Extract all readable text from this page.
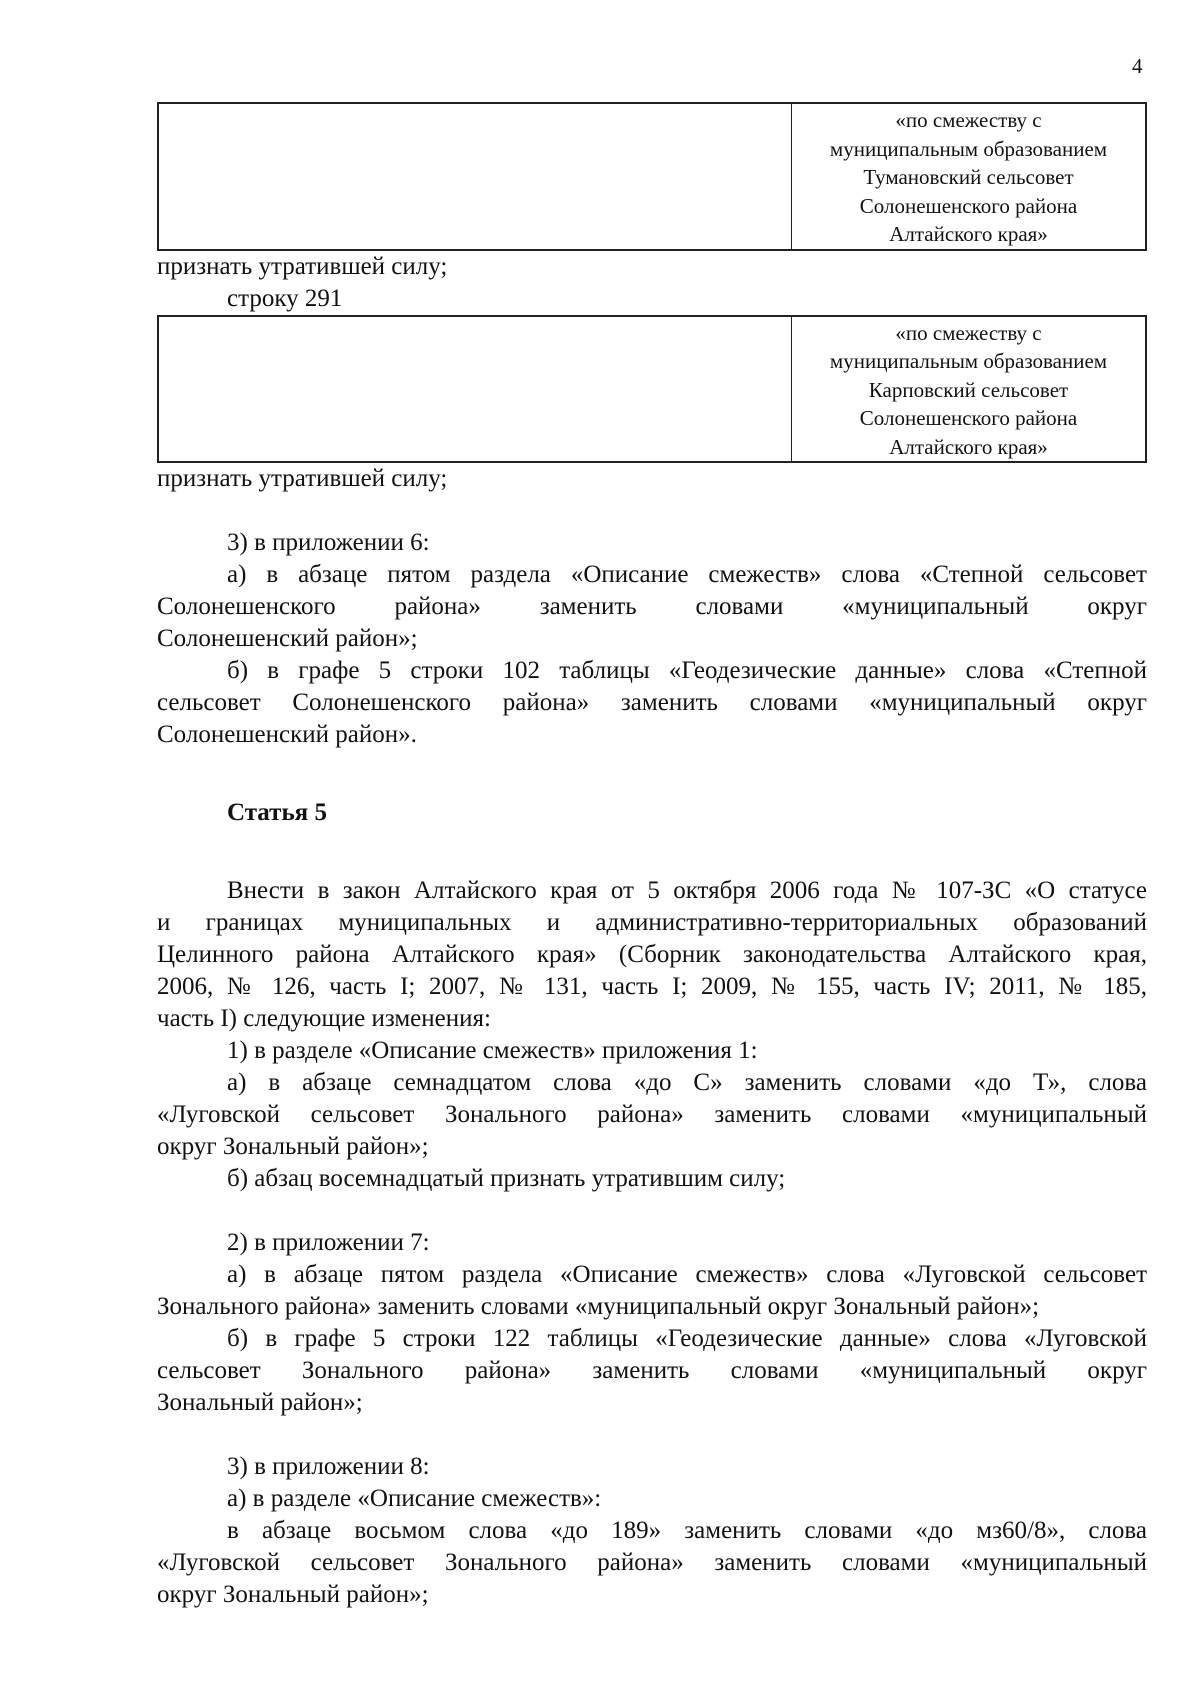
4

«по смежеству с
муниципальным образованием
Тумановский сельсовет
Солонешенского района
Алтайского края»

признать утратившей силу;

строку 291

«по смежеству с
муниципальным образованием
Карповский сельсовет
Солонешенского района
Алтайского края»

признать утратившей силу;

3) в приложении 6:

а) в абзаце пятом раздела «Описание смежеств» слова «Степной сельсовет

Солонешенского района» заменить словами «муниципальный округ

Солонешенский район»;

б) в графе 5 строки 102 таблицы «Геодезические данные» слова «Степной

сельсовет Солонешенского района» заменить словами «муниципальный округ

Солонешенский район».

Статья 5

Внести в закон Алтайского края от 5 октября 2006 года № 107-ЗС «О статусе

и границах муниципальных и административно-территориальных образований

Целинного района Алтайского края» (Сборник законодательства Алтайского края,

2006, № 126, часть I; 2007, № 131, часть I; 2009, № 155, часть IV; 2011, № 185,

часть I) следующие изменения:

1) в разделе «Описание смежеств» приложения 1:

а) в абзаце семнадцатом слова «до С» заменить словами «до Т», слова

«Луговской сельсовет Зонального района» заменить словами «муниципальный

округ Зональный район»;

б) абзац восемнадцатый признать утратившим силу;

2) в приложении 7:

а) в абзаце пятом раздела «Описание смежеств» слова «Луговской сельсовет

Зонального района» заменить словами «муниципальный округ Зональный район»;

б) в графе 5 строки 122 таблицы «Геодезические данные» слова «Луговской

сельсовет Зонального района» заменить словами «муниципальный округ

Зональный район»;

3) в приложении 8:

а) в разделе «Описание смежеств»:

в абзаце восьмом слова «до 189» заменить словами «до мз60/8», слова

«Луговской сельсовет Зонального района» заменить словами «муниципальный

округ Зональный район»;
